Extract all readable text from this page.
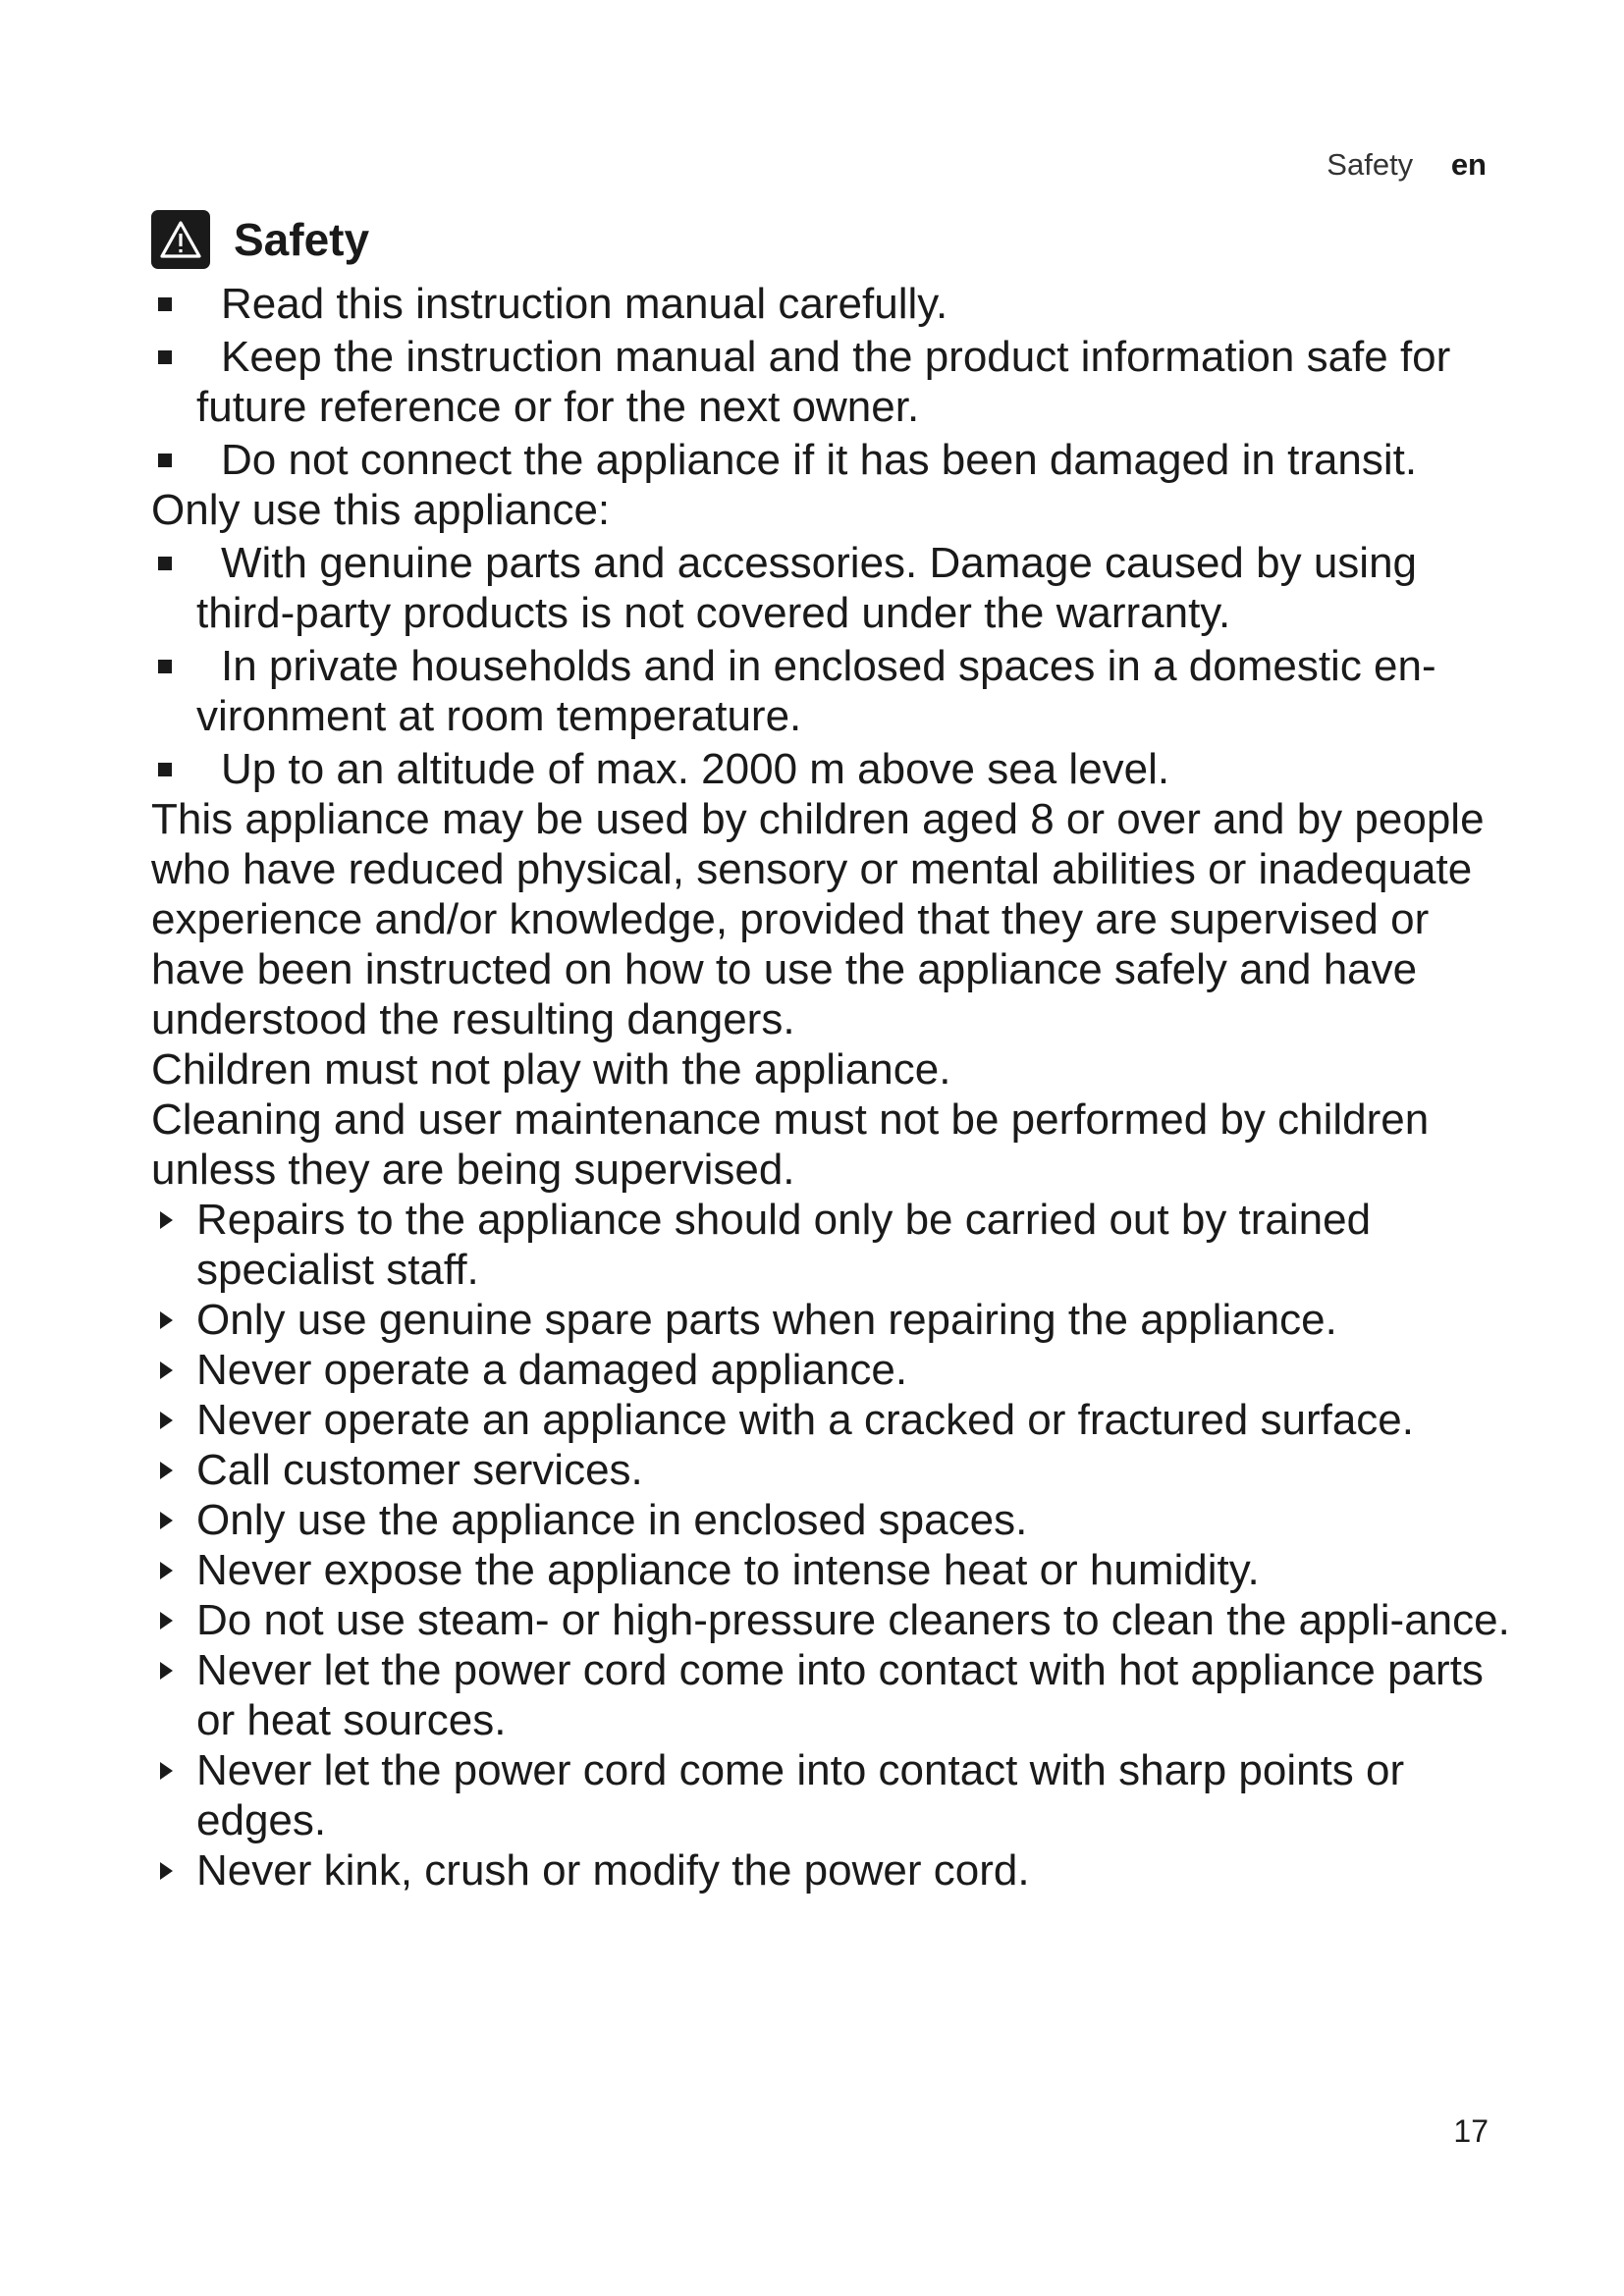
Safety en
Safety
Read this instruction manual carefully.
Keep the instruction manual and the product information safe for future reference or for the next owner.
Do not connect the appliance if it has been damaged in transit.
Only use this appliance:
With genuine parts and accessories. Damage caused by using third-party products is not covered under the warranty.
In private households and in enclosed spaces in a domestic en-vironment at room temperature.
Up to an altitude of max. 2000 m above sea level.
This appliance may be used by children aged 8 or over and by people who have reduced physical, sensory or mental abilities or inadequate experience and/or knowledge, provided that they are supervised or have been instructed on how to use the appliance safely and have understood the resulting dangers.
Children must not play with the appliance.
Cleaning and user maintenance must not be performed by children unless they are being supervised.
Repairs to the appliance should only be carried out by trained specialist staff.
Only use genuine spare parts when repairing the appliance.
Never operate a damaged appliance.
Never operate an appliance with a cracked or fractured surface.
Call customer services.
Only use the appliance in enclosed spaces.
Never expose the appliance to intense heat or humidity.
Do not use steam- or high-pressure cleaners to clean the appli-ance.
Never let the power cord come into contact with hot appliance parts or heat sources.
Never let the power cord come into contact with sharp points or edges.
Never kink, crush or modify the power cord.
17
